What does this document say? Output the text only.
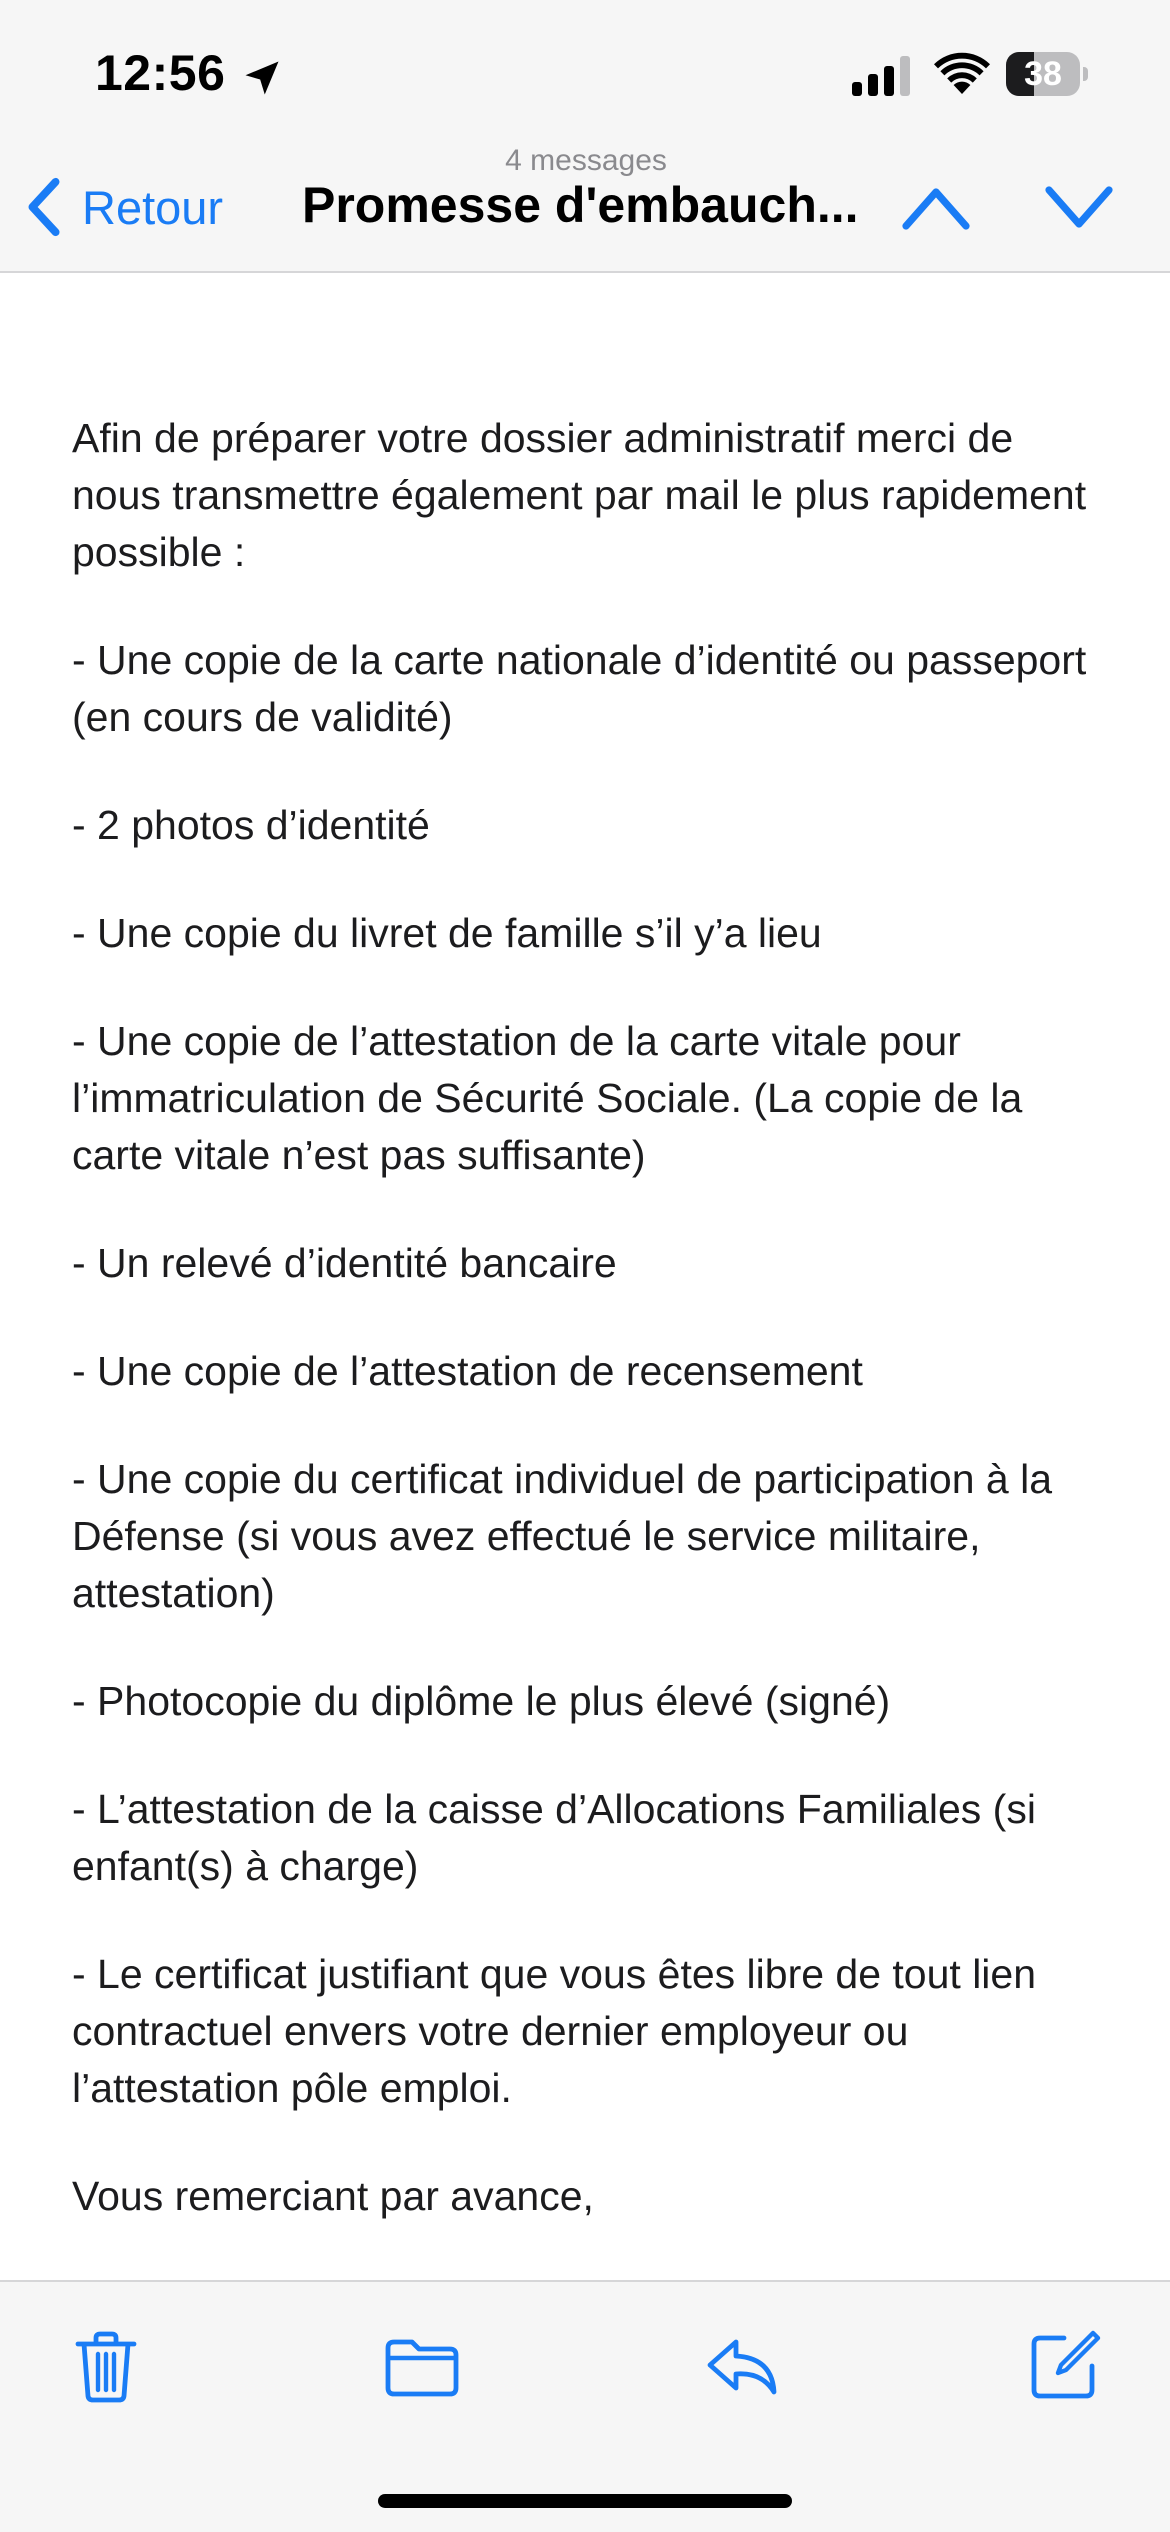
12:56	38
Retour
4 messages
Promesse d'embauch...

Afin de préparer votre dossier administratif merci de nous transmettre également par mail le plus rapidement possible :

- Une copie de la carte nationale d’identité ou passeport (en cours de validité)

- 2 photos d’identité

- Une copie du livret de famille s’il y’a lieu

- Une copie de l’attestation de la carte vitale pour l’immatriculation de Sécurité Sociale. (La copie de la carte vitale n’est pas suffisante)

- Un relevé d’identité bancaire

- Une copie de l’attestation de recensement

- Une copie du certificat individuel de participation à la Défense (si vous avez effectué le service militaire, attestation)

- Photocopie du diplôme le plus élevé (signé)

- L’attestation de la caisse d’Allocations Familiales (si enfant(s) à charge)

- Le certificat justifiant que vous êtes libre de tout lien contractuel envers votre dernier employeur ou l’attestation pôle emploi.

Vous remerciant par avance,
